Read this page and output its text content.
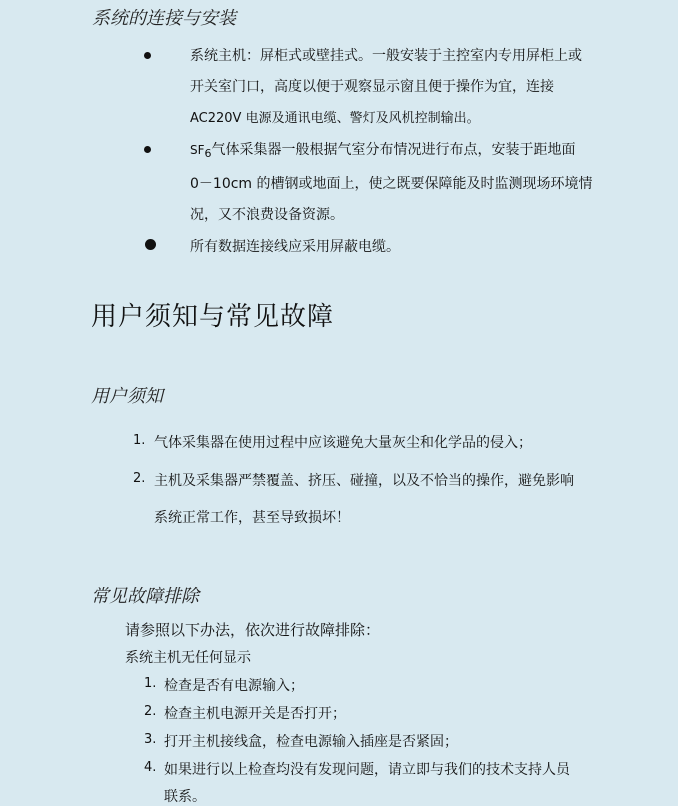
系统的连接与安装
系统主机：屏柜式或壁挂式。一般安装于主控室内专用屏柜上或
开关室门口，高度以便于观察显示窗且便于操作为宜，连接
AC220V 电源及通讯电缆、警灯及风机控制输出。
$SF_6$气体采集器一般根据气室分布情况进行布点，安装于距地面
0－10cm 的槽钢或地面上，使之既要保障能及时监测现场环境情
况，又不浪费设备资源。
所有数据连接线应采用屏蔽电缆。
用户须知与常见故障
用户须知
1. 气体采集器在使用过程中应该避免大量灰尘和化学品的侵入；
2. 主机及采集器严禁覆盖、挤压、碰撞，以及不恰当的操作，避免影响
系统正常工作，甚至导致损坏！
常见故障排除
请参照以下办法，依次进行故障排除：
系统主机无任何显示
1. 检查是否有电源输入；
2. 检查主机电源开关是否打开；
3. 打开主机接线盒，检查电源输入插座是否紧固；
4. 如果进行以上检查均没有发现问题，请立即与我们的技术支持人员
联系。
